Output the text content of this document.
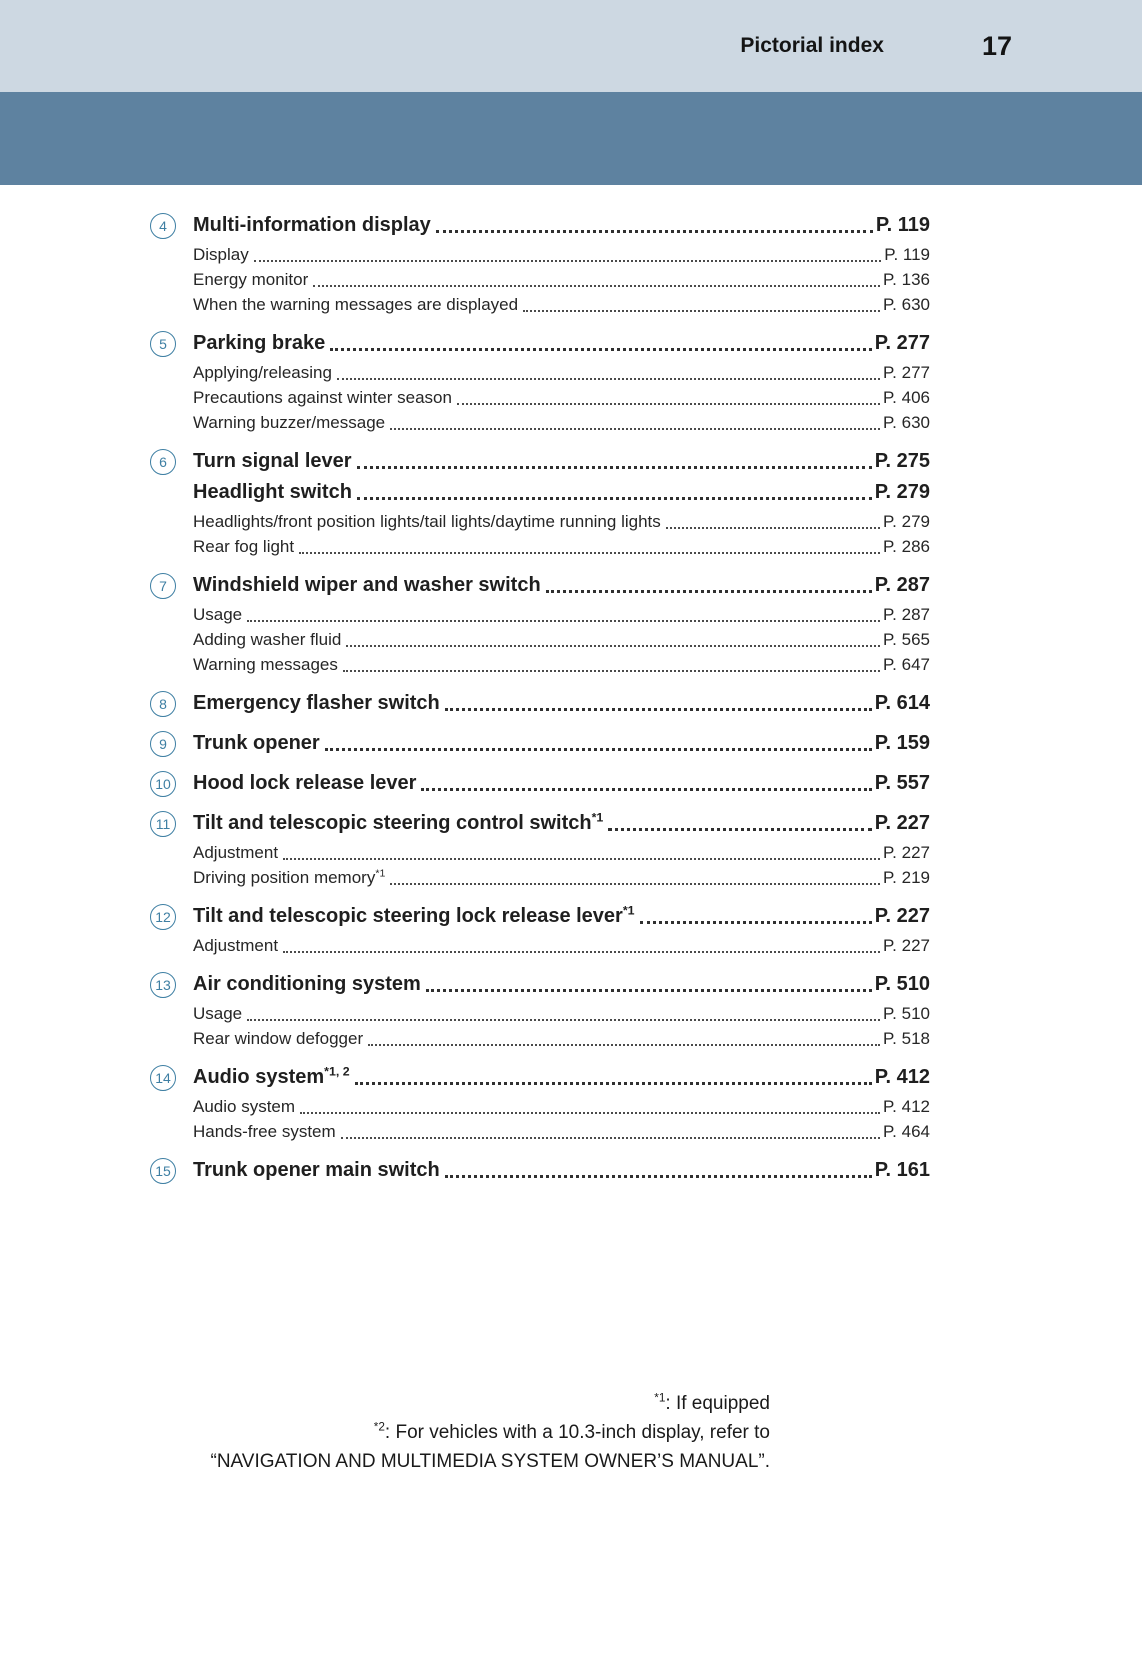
Pictorial index	17
4	Multi-information display	P. 119
Display	P. 119
Energy monitor	P. 136
When the warning messages are displayed	P. 630
5	Parking brake	P. 277
Applying/releasing	P. 277
Precautions against winter season	P. 406
Warning buzzer/message	P. 630
6	Turn signal lever	P. 275
Headlight switch	P. 279
Headlights/front position lights/tail lights/daytime running lights	P. 279
Rear fog light	P. 286
7	Windshield wiper and washer switch	P. 287
Usage	P. 287
Adding washer fluid	P. 565
Warning messages	P. 647
8	Emergency flasher switch	P. 614
9	Trunk opener	P. 159
10 Hood lock release lever	P. 557
11 Tilt and telescopic steering control switch$^{*1}$	P. 227
Adjustment	P. 227
Driving position memory$^{*1}$	P. 219
12 Tilt and telescopic steering lock release lever$^{*1}$	P. 227
Adjustment	P. 227
13 Air conditioning system	P. 510
Usage	P. 510
Rear window defogger	P. 518
14 Audio system$^{*1, 2}$	P. 412
Audio system	P. 412
Hands-free system	P. 464
15 Trunk opener main switch	P. 161
$^{*1}$: If equipped
$^{*2}$: For vehicles with a 10.3-inch display, refer to
“NAVIGATION AND MULTIMEDIA SYSTEM OWNER’S MANUAL”.
